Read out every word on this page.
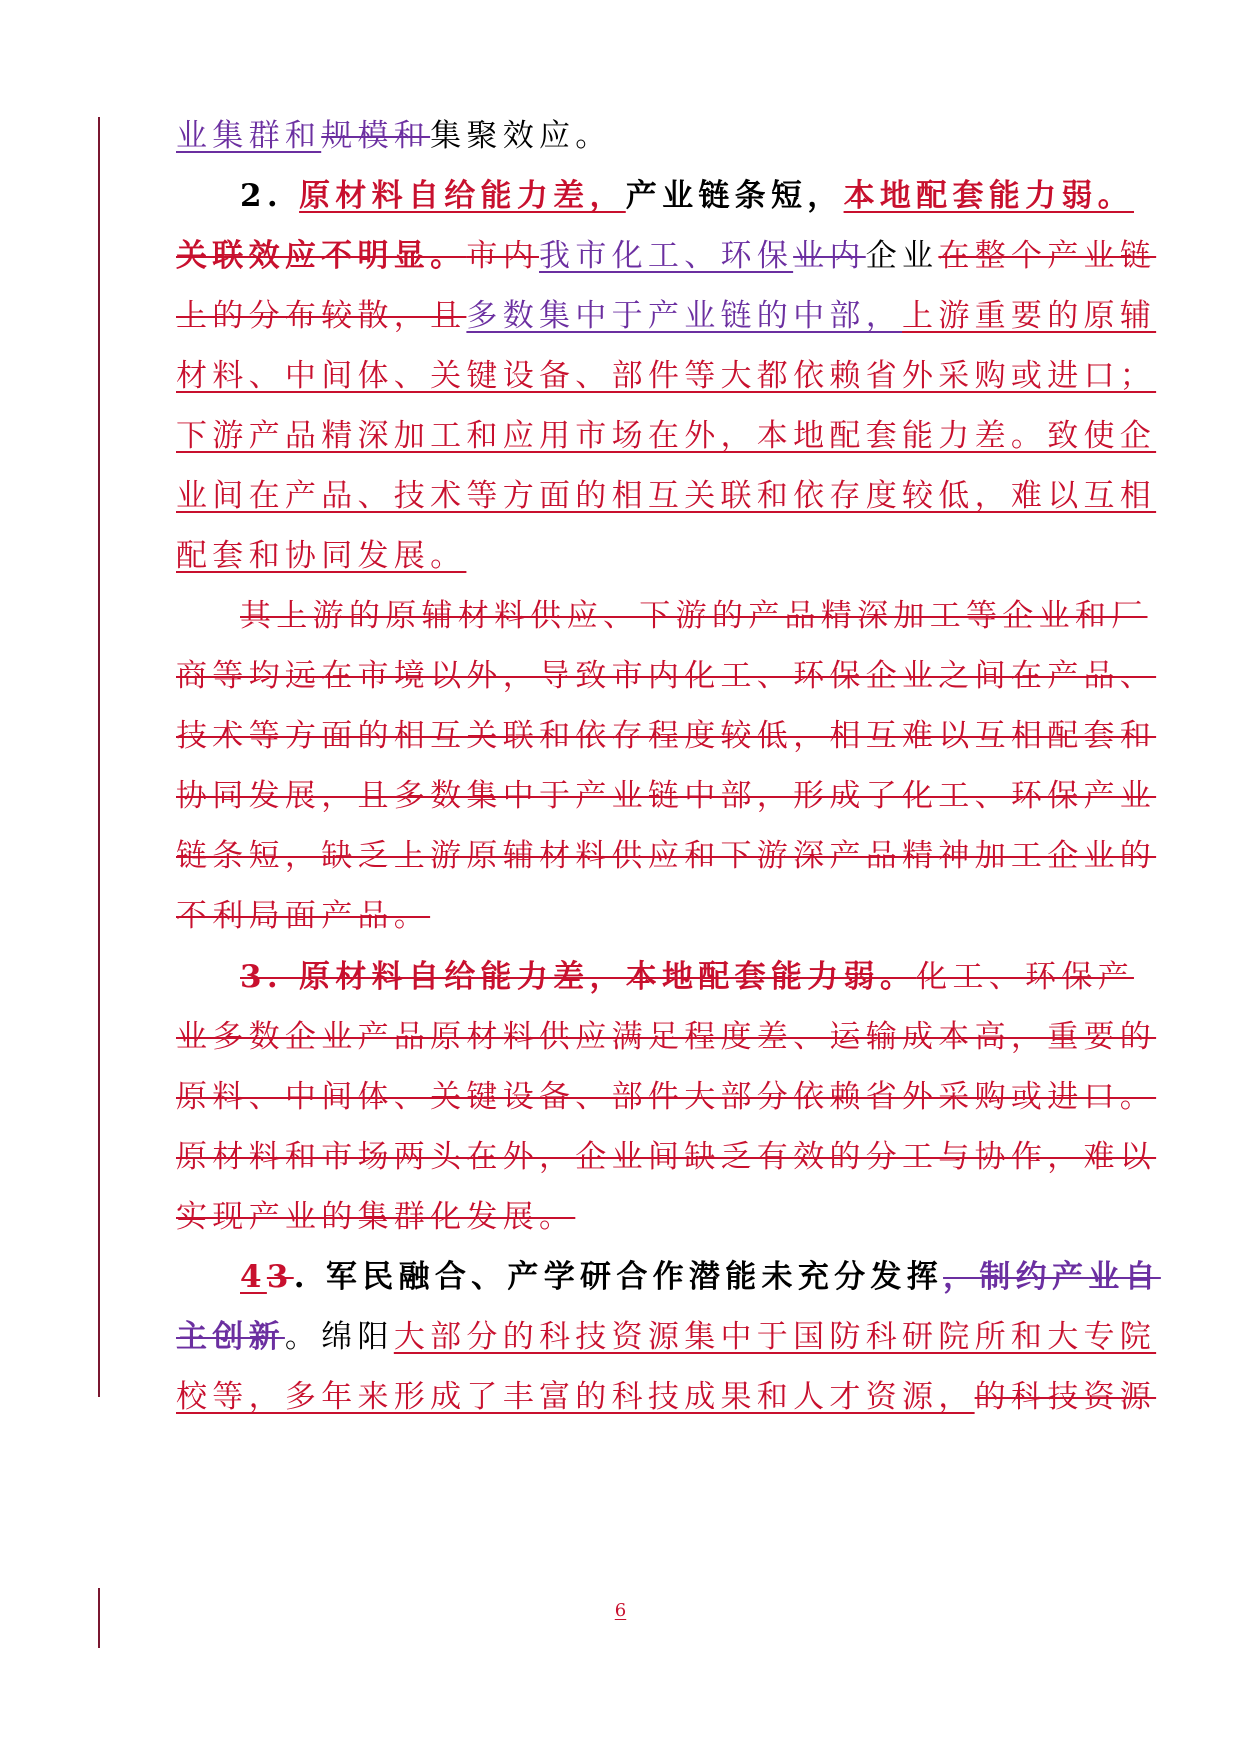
业集群和规模和集聚效应。
2. 原材料自给能力差，产业链条短，本地配套能力弱。
关联效应不明显。市内我市化工、环保业内企业在整个产业链
上的分布较散，且多数集中于产业链的中部，上游重要的原辅
材料、中间体、关键设备、部件等大都依赖省外采购或进口；
下游产品精深加工和应用市场在外，本地配套能力差。致使企
业间在产品、技术等方面的相互关联和依存度较低，难以互相
配套和协同发展。
其上游的原辅材料供应、下游的产品精深加工等企业和厂
商等均远在市境以外，导致市内化工、环保企业之间在产品、
技术等方面的相互关联和依存程度较低，相互难以互相配套和
协同发展，且多数集中于产业链中部，形成了化工、环保产业
链条短，缺乏上游原辅材料供应和下游深产品精神加工企业的
不利局面产品。
3. 原材料自给能力差，本地配套能力弱。化工、环保产
业多数企业产品原材料供应满足程度差、运输成本高，重要的
原料、中间体、关键设备、部件大部分依赖省外采购或进口。
原材料和市场两头在外，企业间缺乏有效的分工与协作，难以
实现产业的集群化发展。
43. 军民融合、产学研合作潜能未充分发挥，制约产业自
主创新。绵阳大部分的科技资源集中于国防科研院所和大专院
校等，多年来形成了丰富的科技成果和人才资源，的科技资源
6
